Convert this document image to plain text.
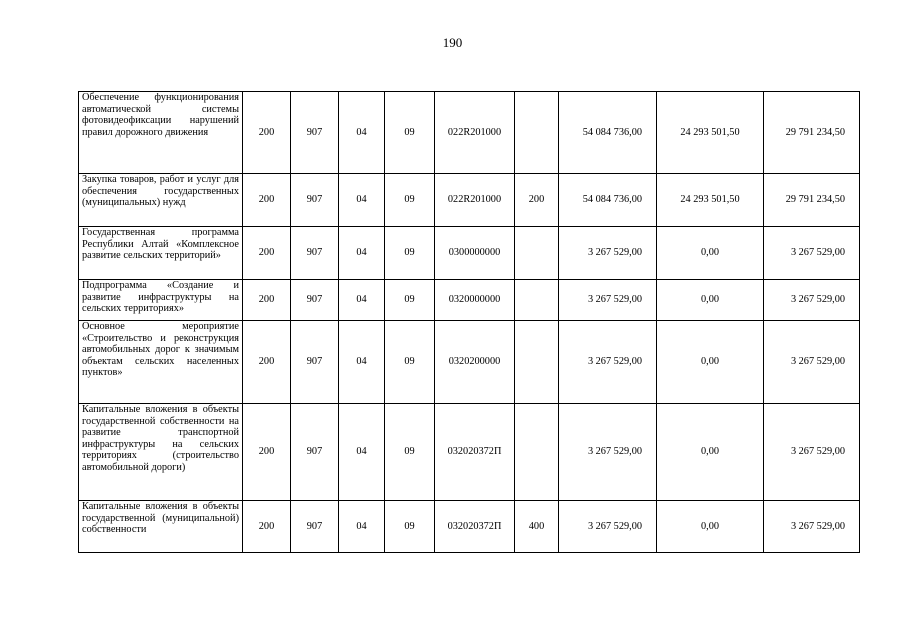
190
Обеспечение функционирования автоматической системы фотовидеофиксации нарушений правил дорожного движения	200	907	04	09	022R201000		54 084 736,00	24 293 501,50	29 791 234,50
Закупка товаров, работ и услуг для обеспечения государственных (муниципальных) нужд	200	907	04	09	022R201000	200	54 084 736,00	24 293 501,50	29 791 234,50
Государственная программа Республики Алтай «Комплексное развитие сельских территорий»	200	907	04	09	0300000000		3 267 529,00	0,00	3 267 529,00
Подпрограмма «Создание и развитие инфраструктуры на сельских территориях»	200	907	04	09	0320000000		3 267 529,00	0,00	3 267 529,00
Основное мероприятие «Строительство и реконструкция автомобильных дорог к значимым объектам сельских населенных пунктов»	200	907	04	09	0320200000		3 267 529,00	0,00	3 267 529,00
Капитальные вложения в объекты государственной собственности на развитие транспортной инфраструктуры на сельских территориях (строительство автомобильной дороги)	200	907	04	09	032020372П		3 267 529,00	0,00	3 267 529,00
Капитальные вложения в объекты государственной (муниципальной) собственности	200	907	04	09	032020372П	400	3 267 529,00	0,00	3 267 529,00
